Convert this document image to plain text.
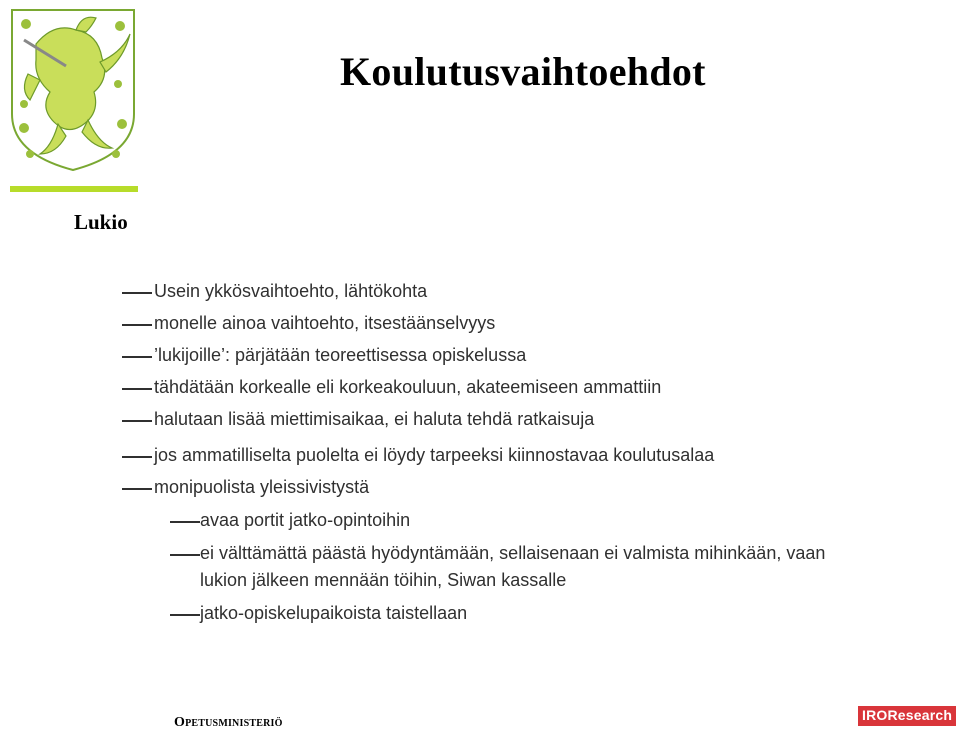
Koulutusvaihtoehdot
Lukio
Usein ykkösvaihtoehto, lähtökohta
monelle ainoa vaihtoehto, itsestäänselvyys
’lukijoille’: pärjätään teoreettisessa opiskelussa
tähdätään korkealle eli korkeakouluun, akateemiseen ammattiin
halutaan lisää miettimisaikaa, ei haluta tehdä ratkaisuja
jos ammatilliselta puolelta ei löydy tarpeeksi kiinnostavaa koulutusalaa
monipuolista yleissivistystä
avaa portit jatko-opintoihin
ei välttämättä päästä hyödyntämään, sellaisenaan ei valmista mihinkään, vaan
lukion jälkeen mennään töihin, Siwan kassalle
jatko-opiskelupaikoista taistellaan
Opetusministeriö	IROResearch
